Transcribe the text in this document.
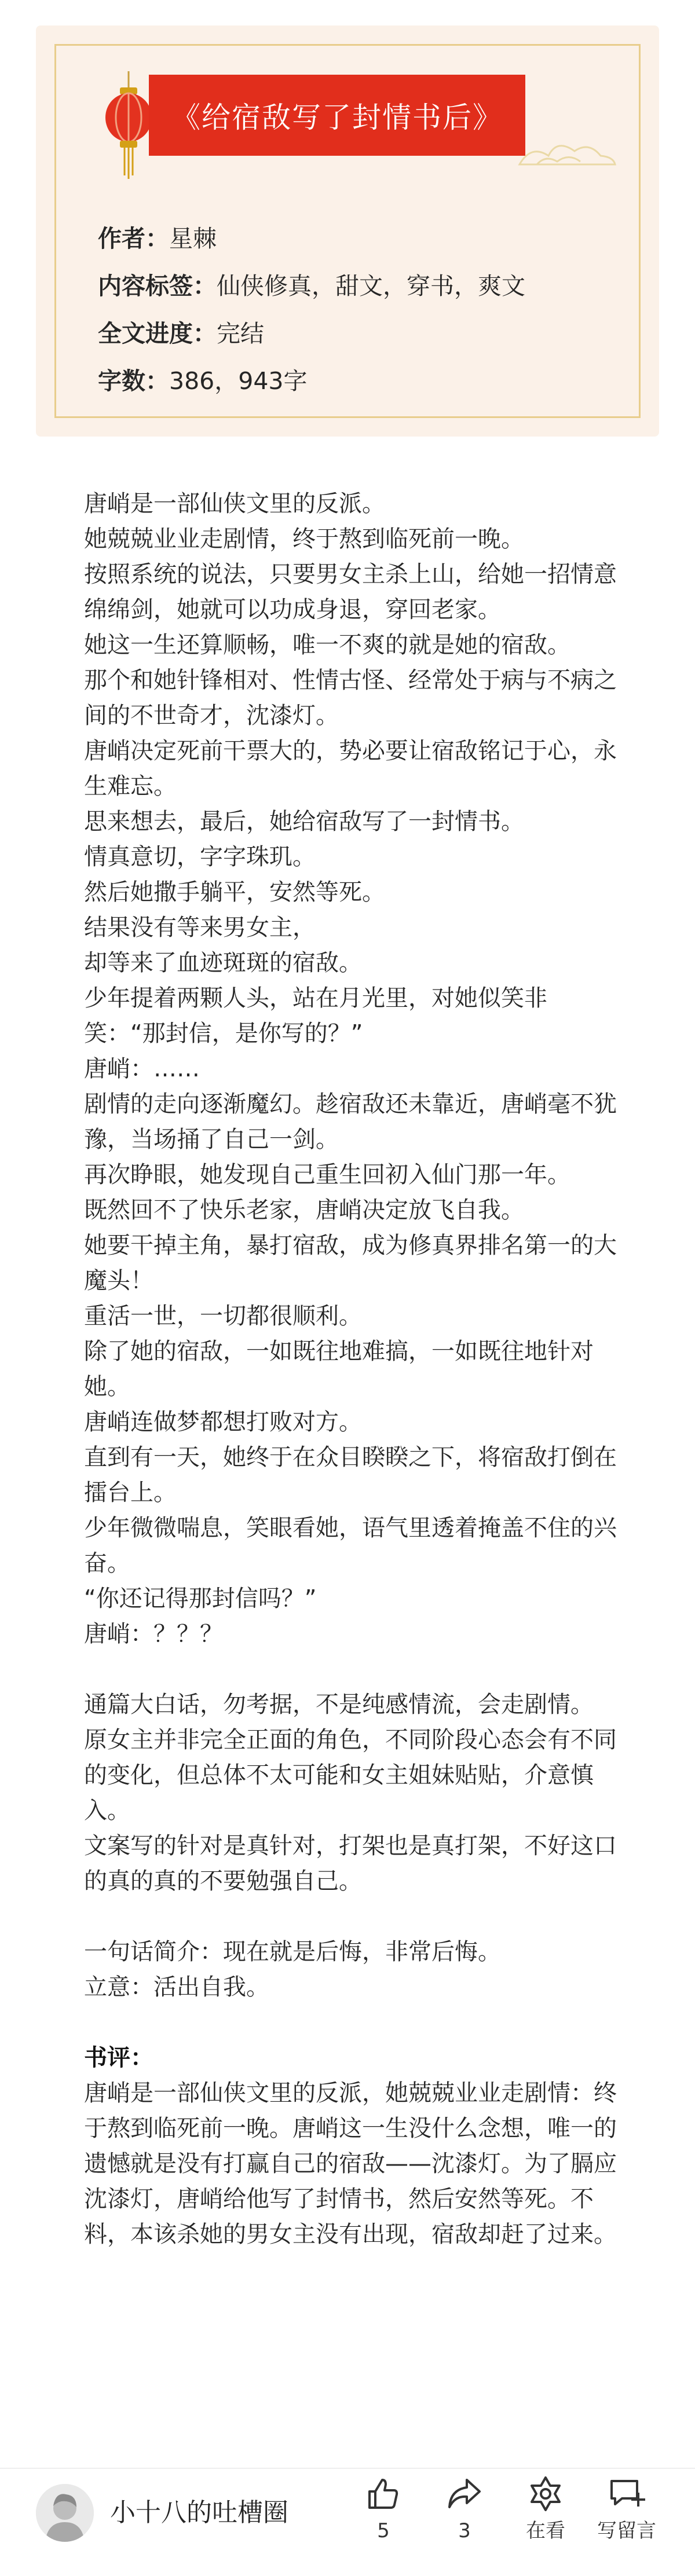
《给宿敌写了封情书后》
作者：星棘
内容标签：仙侠修真，甜文，穿书，爽文
全文进度：完结
字数：386，943字

唐峭是一部仙侠文里的反派。

她兢兢业业走剧情，终于熬到临死前一晚。

按照系统的说法，只要男女主杀上山，给她一招情意绵绵剑，她就可以功成身退，穿回老家。

她这一生还算顺畅，唯一不爽的就是她的宿敌。

那个和她针锋相对、性情古怪、经常处于病与不病之间的不世奇才，沈漆灯。

唐峭决定死前干票大的，势必要让宿敌铭记于心，永生难忘。

思来想去，最后，她给宿敌写了一封情书。

情真意切，字字珠玑。

然后她撒手躺平，安然等死。

结果没有等来男女主，

却等来了血迹斑斑的宿敌。

少年提着两颗人头，站在月光里，对她似笑非笑：“那封信，是你写的？”

唐峭：……

剧情的走向逐渐魔幻。趁宿敌还未靠近，唐峭毫不犹豫，当场捅了自己一剑。

再次睁眼，她发现自己重生回初入仙门那一年。

既然回不了快乐老家，唐峭决定放飞自我。

她要干掉主角，暴打宿敌，成为修真界排名第一的大魔头！

重活一世，一切都很顺利。

除了她的宿敌，一如既往地难搞，一如既往地针对她。

唐峭连做梦都想打败对方。

直到有一天，她终于在众目睽睽之下，将宿敌打倒在擂台上。

少年微微喘息，笑眼看她，语气里透着掩盖不住的兴奋。

“你还记得那封信吗？”

唐峭：？？？

通篇大白话，勿考据，不是纯感情流，会走剧情。

原女主并非完全正面的角色，不同阶段心态会有不同的变化，但总体不太可能和女主姐妹贴贴，介意慎入。

文案写的针对是真针对，打架也是真打架，不好这口的真的真的不要勉强自己。

一句话简介：现在就是后悔，非常后悔。

立意：活出自我。

书评：

唐峭是一部仙侠文里的反派，她兢兢业业走剧情：终于熬到临死前一晚。唐峭这一生没什么念想，唯一的遗憾就是没有打赢自己的宿敌——沈漆灯。为了膈应沈漆灯，唐峭给他写了封情书，然后安然等死。不料，本该杀她的男女主没有出现，宿敌却赶了过来。

小十八的吐槽圈
5	3	在看	写留言
